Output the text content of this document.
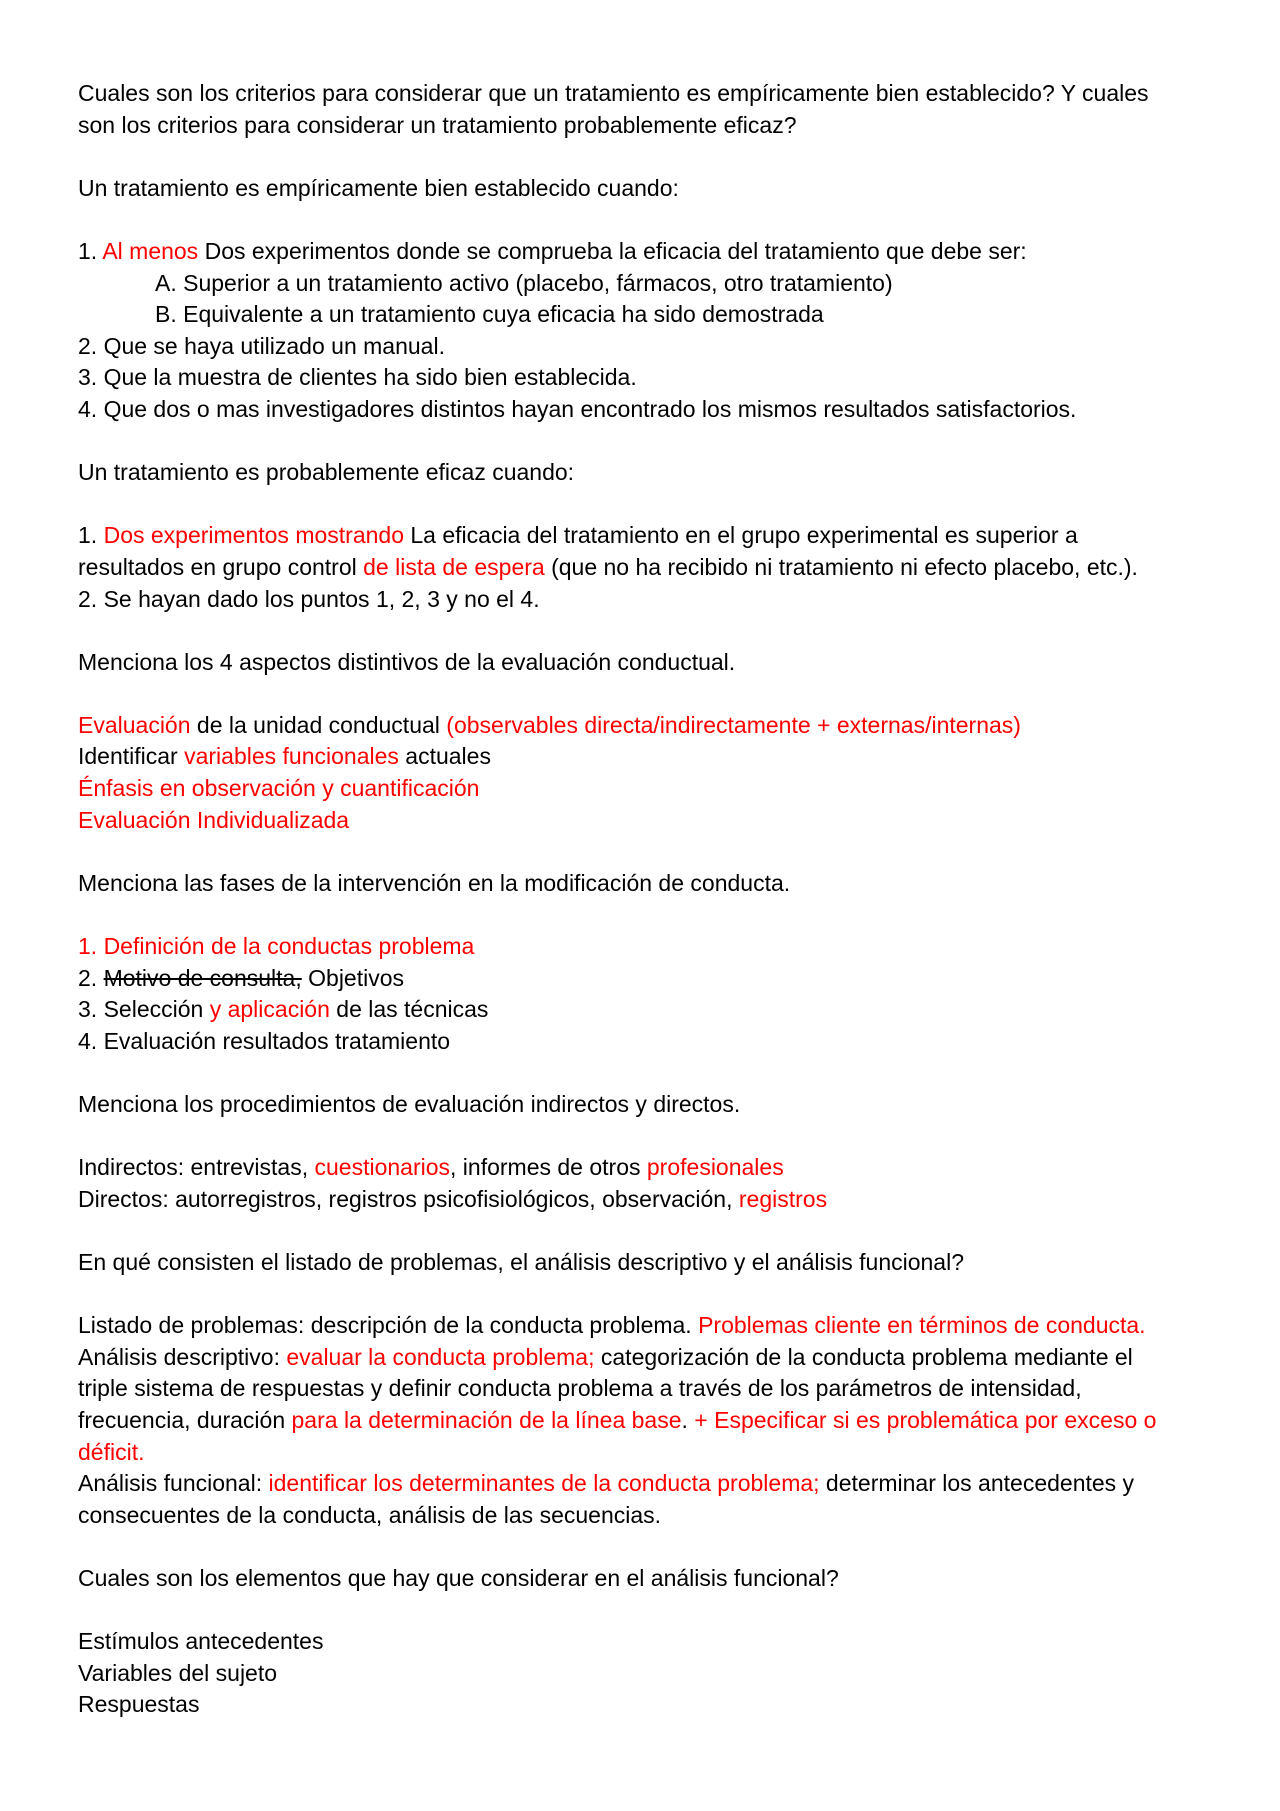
Cuales son los criterios para considerar que un tratamiento es empíricamente bien establecido? Y cuales

son los criterios para considerar un tratamiento probablemente eficaz?

Un tratamiento es empíricamente bien establecido cuando:

1. Al menos Dos experimentos donde se comprueba la eficacia del tratamiento que debe ser:

A. Superior a un tratamiento activo (placebo, fármacos, otro tratamiento)

B. Equivalente a un tratamiento cuya eficacia ha sido demostrada

2. Que se haya utilizado un manual.

3. Que la muestra de clientes ha sido bien establecida.

4. Que dos o mas investigadores distintos hayan encontrado los mismos resultados satisfactorios.

Un tratamiento es probablemente eficaz cuando:

1. Dos experimentos mostrando La eficacia del tratamiento en el grupo experimental es superior a

resultados en grupo control de lista de espera (que no ha recibido ni tratamiento ni efecto placebo, etc.).

2. Se hayan dado los puntos 1, 2, 3 y no el 4.

Menciona los 4 aspectos distintivos de la evaluación conductual.

Evaluación de la unidad conductual (observables directa/indirectamente + externas/internas)

Identificar variables funcionales actuales

Énfasis en observación y cuantificación

Evaluación Individualizada

Menciona las fases de la intervención en la modificación de conducta.

1. Definición de la conductas problema

2. Motivo de consulta, Objetivos

3. Selección y aplicación de las técnicas

4. Evaluación resultados tratamiento

Menciona los procedimientos de evaluación indirectos y directos.

Indirectos: entrevistas, cuestionarios, informes de otros profesionales

Directos: autorregistros, registros psicofisiológicos, observación, registros

En qué consisten el listado de problemas, el análisis descriptivo y el análisis funcional?

Listado de problemas: descripción de la conducta problema. Problemas cliente en términos de conducta.

Análisis descriptivo: evaluar la conducta problema; categorización de la conducta problema mediante el

triple sistema de respuestas y definir conducta problema a través de los parámetros de intensidad,

frecuencia, duración para la determinación de la línea base. + Especificar si es problemática por exceso o

déficit.

Análisis funcional: identificar los determinantes de la conducta problema; determinar los antecedentes y

consecuentes de la conducta, análisis de las secuencias.

Cuales son los elementos que hay que considerar en el análisis funcional?

Estímulos antecedentes

Variables del sujeto

Respuestas
